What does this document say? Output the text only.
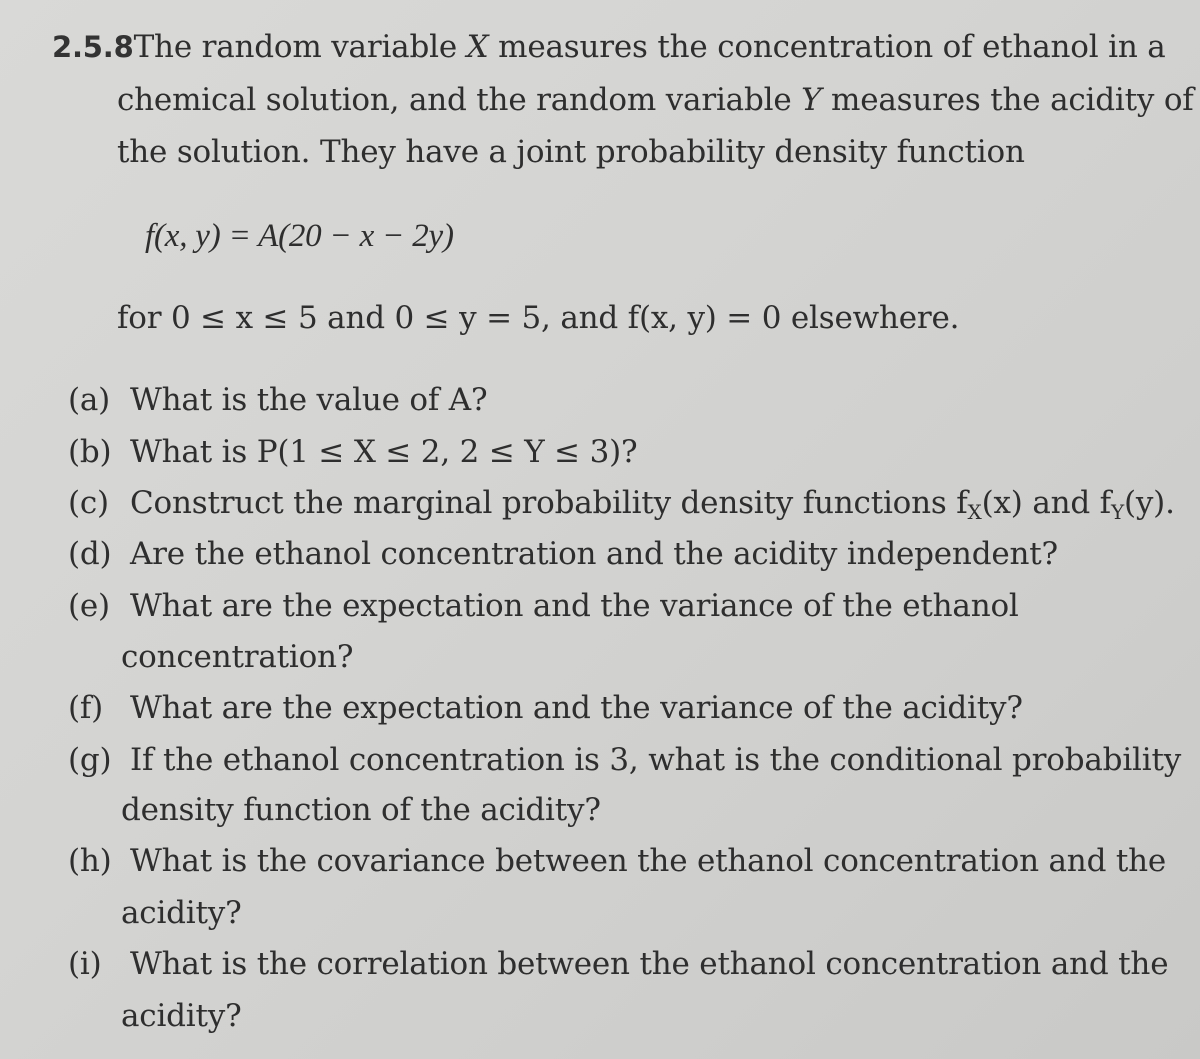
2.5.8The random variable X measures the concentration of ethanol in a
chemical solution, and the random variable Y measures the acidity of
the solution. They have a joint probability density function
f(x, y) = A(20 − x − 2y)
for 0 ≤ x ≤ 5 and 0 ≤ y = 5, and f(x, y) = 0 elsewhere.
(a) What is the value of A?
(b) What is P(1 ≤ X ≤ 2, 2 ≤ Y ≤ 3)?
(c) Construct the marginal probability density functions $f_X(x)$ and $f_Y(y)$.
(d) Are the ethanol concentration and the acidity independent?
(e) What are the expectation and the variance of the ethanol
concentration?
(f) What are the expectation and the variance of the acidity?
(g) If the ethanol concentration is 3, what is the conditional probability
density function of the acidity?
(h) What is the covariance between the ethanol concentration and the
acidity?
(i) What is the correlation between the ethanol concentration and the
acidity?
